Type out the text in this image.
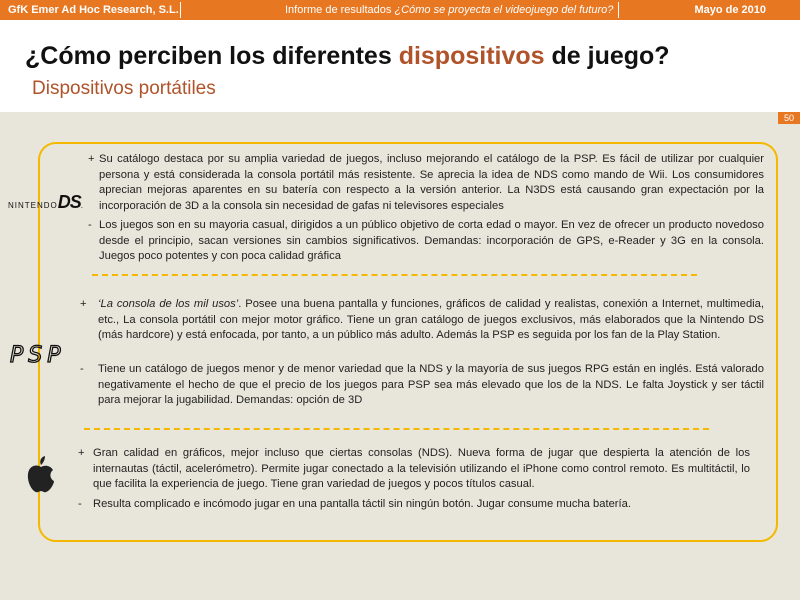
GfK Emer Ad Hoc Research, S.L.	Informe de resultados ¿Cómo se proyecta el videojuego del futuro?	Mayo de 2010
¿Cómo perciben los diferentes dispositivos de juego?
Dispositivos portátiles
50
NINTENDODS.
PSP
+ Su catálogo destaca por su amplia variedad de juegos, incluso mejorando el catálogo de la PSP. Es fácil de utilizar por cualquier persona y está considerada la consola portátil más resistente. Se aprecia la idea de NDS como mando de Wii. Los consumidores aprecian mejoras aparentes en su batería con respecto a la versión anterior. La N3DS está causando gran expectación por la incorporación de 3D a la consola sin necesidad de gafas ni televisores especiales
- Los juegos son en su mayoria casual, dirigidos a un público objetivo de corta edad o mayor. En vez de ofrecer un producto novedoso desde el principio, sacan versiones sin cambios significativos. Demandas: incorporación de GPS, e-Reader y 3G en la consola. Juegos poco potentes y con poca calidad gráfica
+	‘La consola de los mil usos’. Posee una buena pantalla y funciones, gráficos de calidad y realistas, conexión a Internet, multimedia, etc., La consola portátil con mejor motor gráfico. Tiene un gran catálogo de juegos exclusivos, más elaborados que la Nintendo DS (más hardcore) y está enfocada, por tanto, a un público más adulto. Además la PSP es seguida por los fan de la Play Station.
-	Tiene un catálogo de juegos menor y de menor variedad que la NDS y la mayoría de sus juegos RPG están en inglés. Está valorado negativamente el hecho de que el precio de los juegos para PSP sea más elevado que los de la NDS. Le falta Joystick y ser táctil para mejorar la jugabilidad. Demandas: opción de 3D
+ Gran calidad en gráficos, mejor incluso que ciertas consolas (NDS). Nueva forma de jugar que despierta la atención de los internautas (táctil, acelerómetro). Permite jugar conectado a la televisión utilizando el iPhone como control remoto. Es multitáctil, lo que facilita la experiencia de juego. Tiene gran variedad de juegos y pocos títulos casual.
-	Resulta complicado e incómodo jugar en una pantalla táctil sin ningún botón. Jugar consume mucha batería.
